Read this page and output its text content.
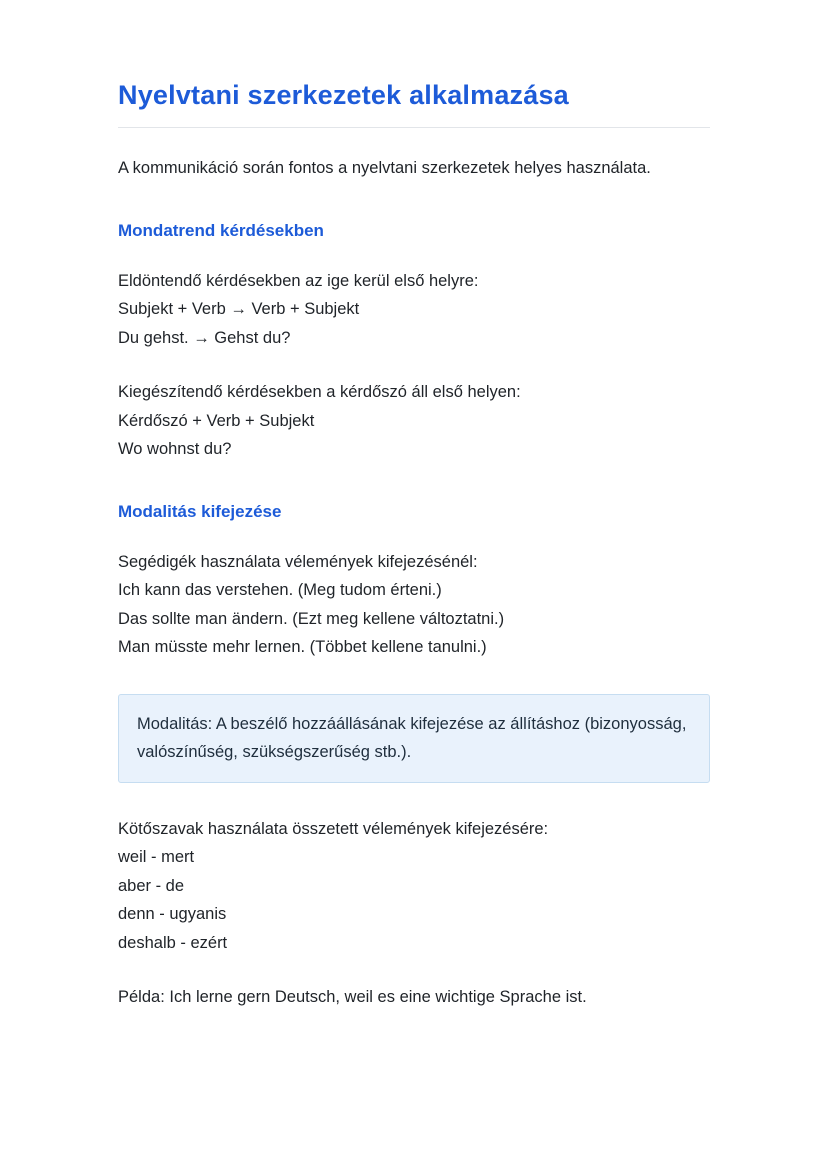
Nyelvtani szerkezetek alkalmazása

A kommunikáció során fontos a nyelvtani szerkezetek helyes használata.

Mondatrend kérdésekben
Eldöntendő kérdésekben az ige kerül első helyre:
Subjekt + Verb → Verb + Subjekt
Du gehst. → Gehst du?
Kiegészítendő kérdésekben a kérdőszó áll első helyen:
Kérdőszó + Verb + Subjekt
Wo wohnst du?
Modalitás kifejezése
Segédigék használata vélemények kifejezésénél:
Ich kann das verstehen. (Meg tudom érteni.)
Das sollte man ändern. (Ezt meg kellene változtatni.)
Man müsste mehr lernen. (Többet kellene tanulni.)

Modalitás: A beszélő hozzáállásának kifejezése az állításhoz (bizonyosság, valószínűség, szükségszerűség stb.).

Kötőszavak használata összetett vélemények kifejezésére:
weil - mert
aber - de
denn - ugyanis
deshalb - ezért

Példa: Ich lerne gern Deutsch, weil es eine wichtige Sprache ist.
